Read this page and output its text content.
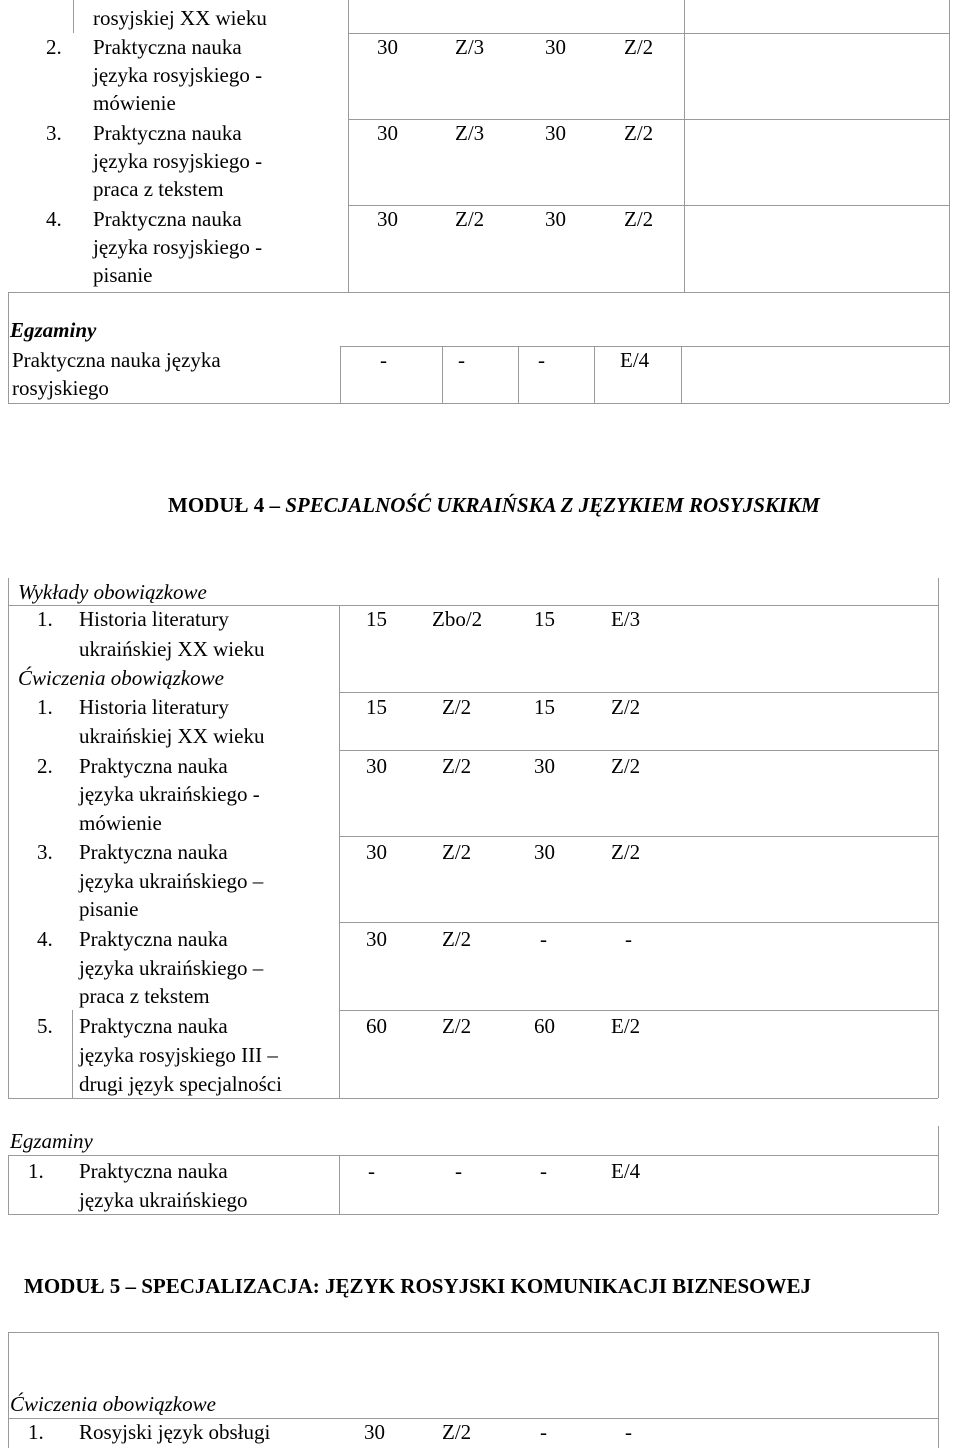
rosyjskiej XX wieku
2. Praktyczna nauka
języka rosyjskiego -
mówienie
30	Z/3	30	Z/2
3. Praktyczna nauka
języka rosyjskiego -
praca z tekstem
30	Z/3	30	Z/2
4. Praktyczna nauka
języka rosyjskiego -
pisanie
30	Z/2	30	Z/2
Egzaminy
Praktyczna nauka języka
rosyjskiego
-	-	-	E/4
MODUŁ 4 – SPECJALNOŚĆ UKRAIŃSKA Z JĘZYKIEM ROSYJSKIKM
Wykłady obowiązkowe
1. Historia literatury
ukraińskiej XX wieku
15 Zbo/2 15	E/3
Ćwiczenia obowiązkowe
1. Historia literatury
ukraińskiej XX wieku
15	Z/2	15	Z/2
2. Praktyczna nauka
języka ukraińskiego -
mówienie
30	Z/2	30	Z/2
3. Praktyczna nauka
języka ukraińskiego –
pisanie
30	Z/2	30	Z/2
4. Praktyczna nauka
języka ukraińskiego –
praca z tekstem
30	Z/2	-	-
5. Praktyczna nauka
języka rosyjskiego III –
drugi język specjalności
60	Z/2	60	E/2
Egzaminy
1. Praktyczna nauka
języka ukraińskiego
-	-	-	E/4
MODUŁ 5 – SPECJALIZACJA: JĘZYK ROSYJSKI KOMUNIKACJI BIZNESOWEJ
Ćwiczenia obowiązkowe
1. Rosyjski język obsługi	30	Z/2	-	-
